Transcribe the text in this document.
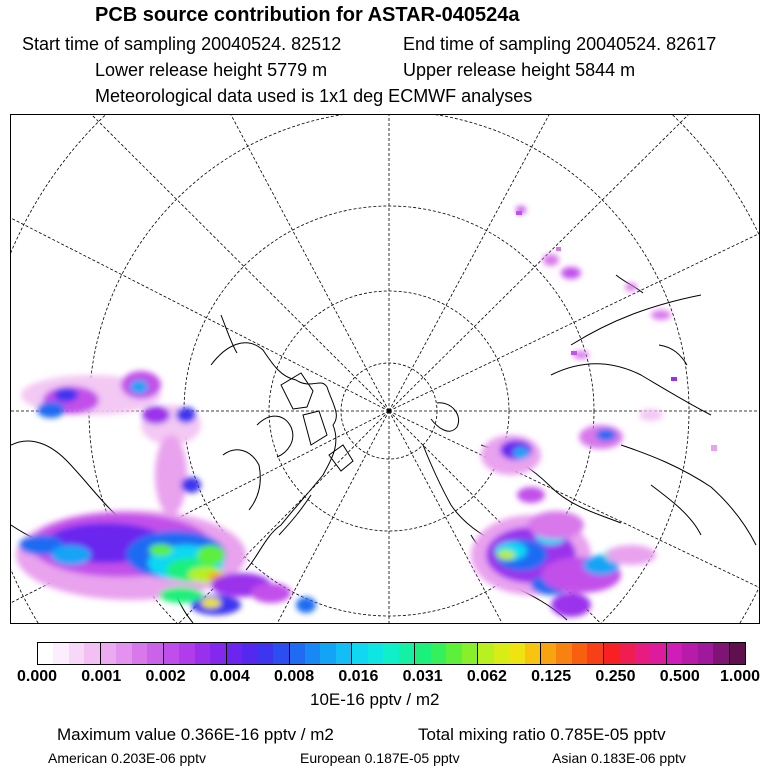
PCB source contribution for ASTAR-040524a
Start time of sampling 20040524. 82512	End time of sampling 20040524. 82617
Lower release height 5779 m	Upper release height 5844 m
Meteorological data used is 1x1 deg ECMWF analyses
0.000 0.001 0.002 0.004 0.008 0.016 0.031 0.062 0.125 0.250 0.500 1.000
10E-16 pptv / m2
Maximum value 0.366E-16 pptv / m2	Total mixing ratio 0.785E-05 pptv
American 0.203E-06 pptv	European 0.187E-05 pptv	Asian 0.183E-06 pptv
